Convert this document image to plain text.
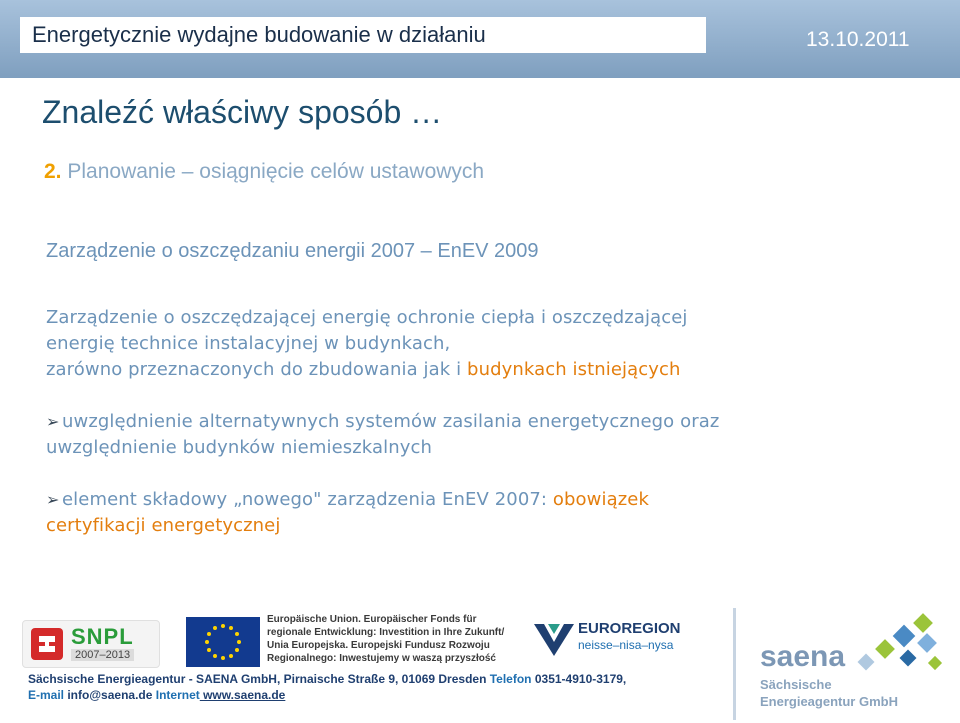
Energetycznie wydajne budowanie w działaniu	13.10.2011
Znaleźć właściwy sposób …
2. Planowanie – osiągnięcie celów ustawowych
Zarządzenie o oszczędzaniu energii 2007 – EnEV 2009
Zarządzenie o oszczędzającej energię ochronie ciepła i oszczędzającej
energię technice instalacyjnej w budynkach,
zarówno przeznaczonych do zbudowania jak i budynkach istniejących
➢ uwzględnienie alternatywnych systemów zasilania energetycznego oraz
uwzględnienie budynków niemieszkalnych
➢ element składowy „nowego" zarządzenia EnEV 2007: obowiązek
certyfikacji energetycznej
SNPL
2007–2013
Europäische Union. Europäischer Fonds für
regionale Entwicklung: Investition in Ihre Zukunft/
Unia Europejska. Europejski Fundusz Rozwoju
Regionalnego: Inwestujemy w waszą przyszłość
EUROREGION
neisse–nisa–nysa	saena
Sächsische
Energieagentur GmbH
Sächsische Energieagentur - SAENA GmbH, Pirnaische Straße 9, 01069 Dresden Telefon 0351-4910-3179,
E-mail info@saena.de Internet www.saena.de
